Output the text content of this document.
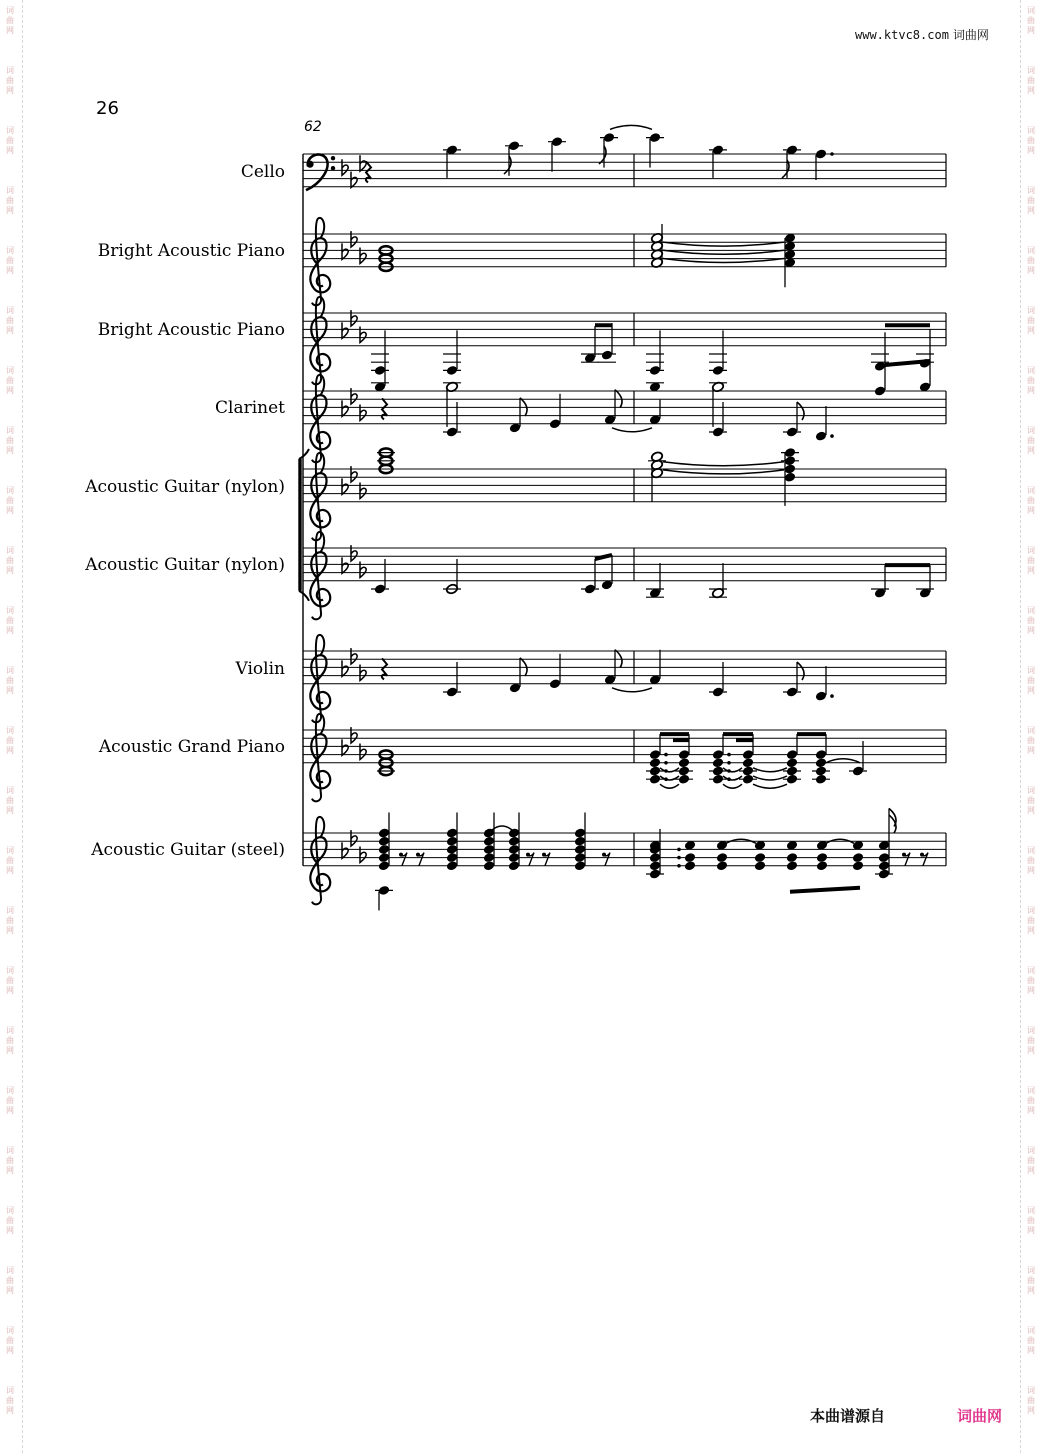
词
曲
网
词
曲
网
词
曲
网
词
曲
网
词
曲
网
词
曲
网
词
曲
网
词
曲
网
词
曲
网
词
曲
网
词
曲
网
词
曲
网
词
曲
网
词
曲
网
词
曲
网
词
曲
网
词
曲
网
词
曲
网
词
曲
网
词
曲
网
词
曲
网
词
曲
网
词
曲
网
词
曲
网
词
曲
网
词
曲
网
词
曲
网
词
曲
网
词
曲
网
词
曲
网
词
曲
网
词
曲
网
词
曲
网
词
曲
网
词
曲
网
词
曲
网
词
曲
网
词
曲
网
词
曲
网
词
曲
网
词
曲
网
词
曲
网
词
曲
网
词
曲
网
词
曲
网
词
曲
网
词
曲
网
词
曲
网
www.ktvc8.com 词曲网
26
62
Cello
Bright Acoustic Piano
Bright Acoustic Piano
Clarinet
Acoustic Guitar (nylon)
Acoustic Guitar (nylon)
Violin
Acoustic Grand Piano
Acoustic Guitar (steel)
本曲谱源自	词曲网
